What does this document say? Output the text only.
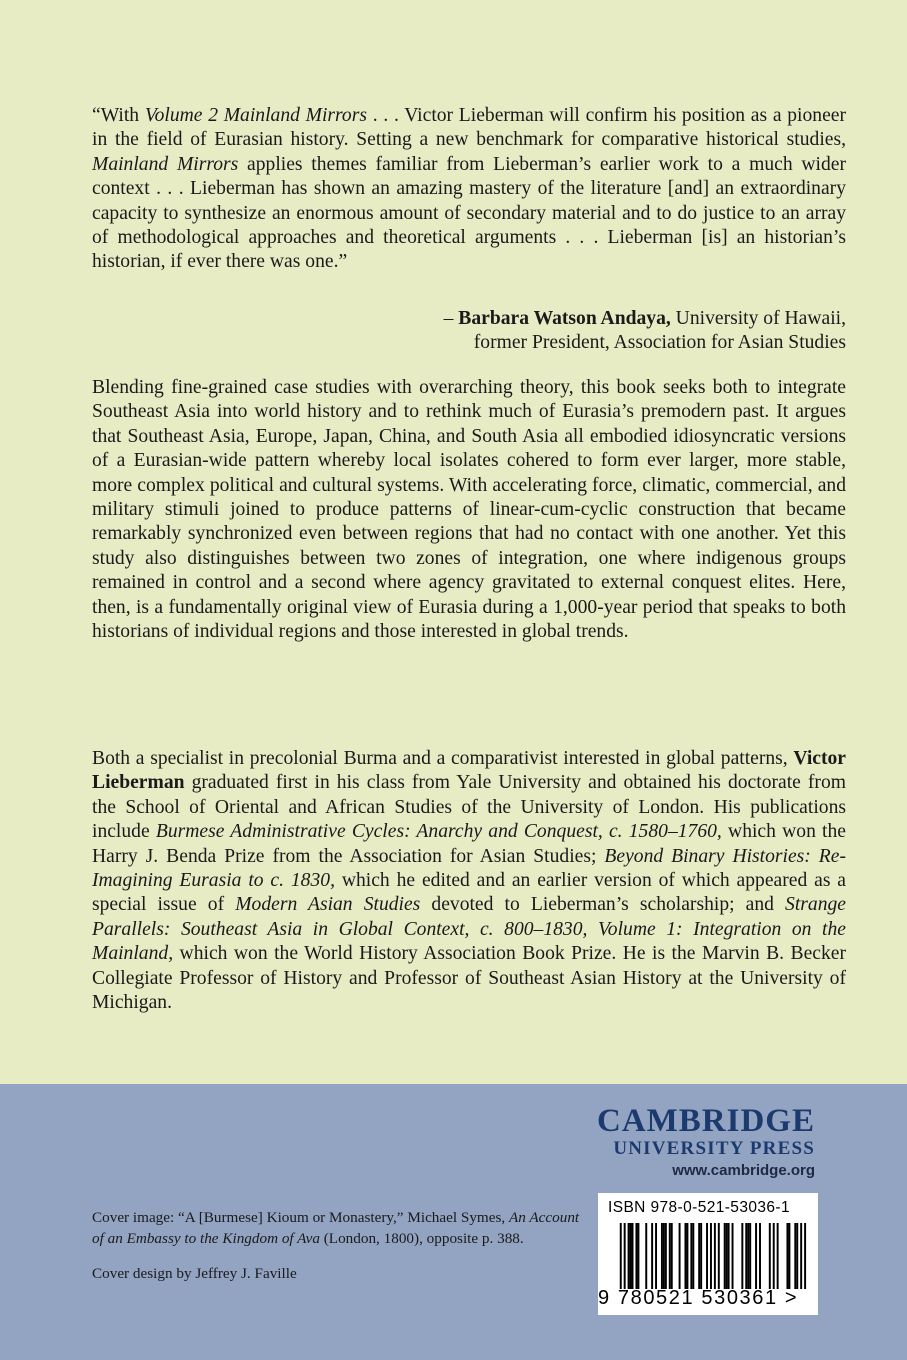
“With Volume 2 Mainland Mirrors . . . Victor Lieberman will confirm his position as a pioneer in the field of Eurasian history. Setting a new benchmark for comparative historical studies, Mainland Mirrors applies themes familiar from Lieberman’s earlier work to a much wider context . . . Lieberman has shown an amazing mastery of the literature [and] an extraordinary capacity to synthesize an enormous amount of secondary material and to do justice to an array of methodological approaches and theoretical arguments . . . Lieberman [is] an historian’s historian, if ever there was one.”
– Barbara Watson Andaya, University of Hawaii,
former President, Association for Asian Studies
Blending fine-grained case studies with overarching theory, this book seeks both to integrate Southeast Asia into world history and to rethink much of Eurasia’s premodern past. It argues that Southeast Asia, Europe, Japan, China, and South Asia all embodied idiosyncratic versions of a Eurasian-wide pattern whereby local isolates cohered to form ever larger, more stable, more complex political and cultural systems. With accelerating force, climatic, commercial, and military stimuli joined to produce patterns of linear-cum-cyclic construction that became remarkably synchronized even between regions that had no contact with one another. Yet this study also distinguishes between two zones of integration, one where indigenous groups remained in control and a second where agency gravitated to external conquest elites. Here, then, is a fundamentally original view of Eurasia during a 1,000-year period that speaks to both historians of individual regions and those interested in global trends.
Both a specialist in precolonial Burma and a comparativist interested in global patterns, Victor Lieberman graduated first in his class from Yale University and obtained his doctorate from the School of Oriental and African Studies of the University of London. His publications include Burmese Administrative Cycles: Anarchy and Conquest, c. 1580–1760, which won the Harry J. Benda Prize from the Association for Asian Studies; Beyond Binary Histories: Re-Imagining Eurasia to c. 1830, which he edited and an earlier version of which appeared as a special issue of Modern Asian Studies devoted to Lieberman’s scholarship; and Strange Parallels: Southeast Asia in Global Context, c. 800–1830, Volume 1: Integration on the Mainland, which won the World History Association Book Prize. He is the Marvin B. Becker Collegiate Professor of History and Professor of Southeast Asian History at the University of Michigan.
CAMBRIDGE
UNIVERSITY PRESS
www.cambridge.org

Cover image: “A [Burmese] Kioum or Monastery,” Michael Symes, An Account of an Embassy to the Kingdom of Ava (London, 1800), opposite p. 388.

Cover design by Jeffrey J. Faville

ISBN 978-0-521-53036-1
9 780521 530361 >
